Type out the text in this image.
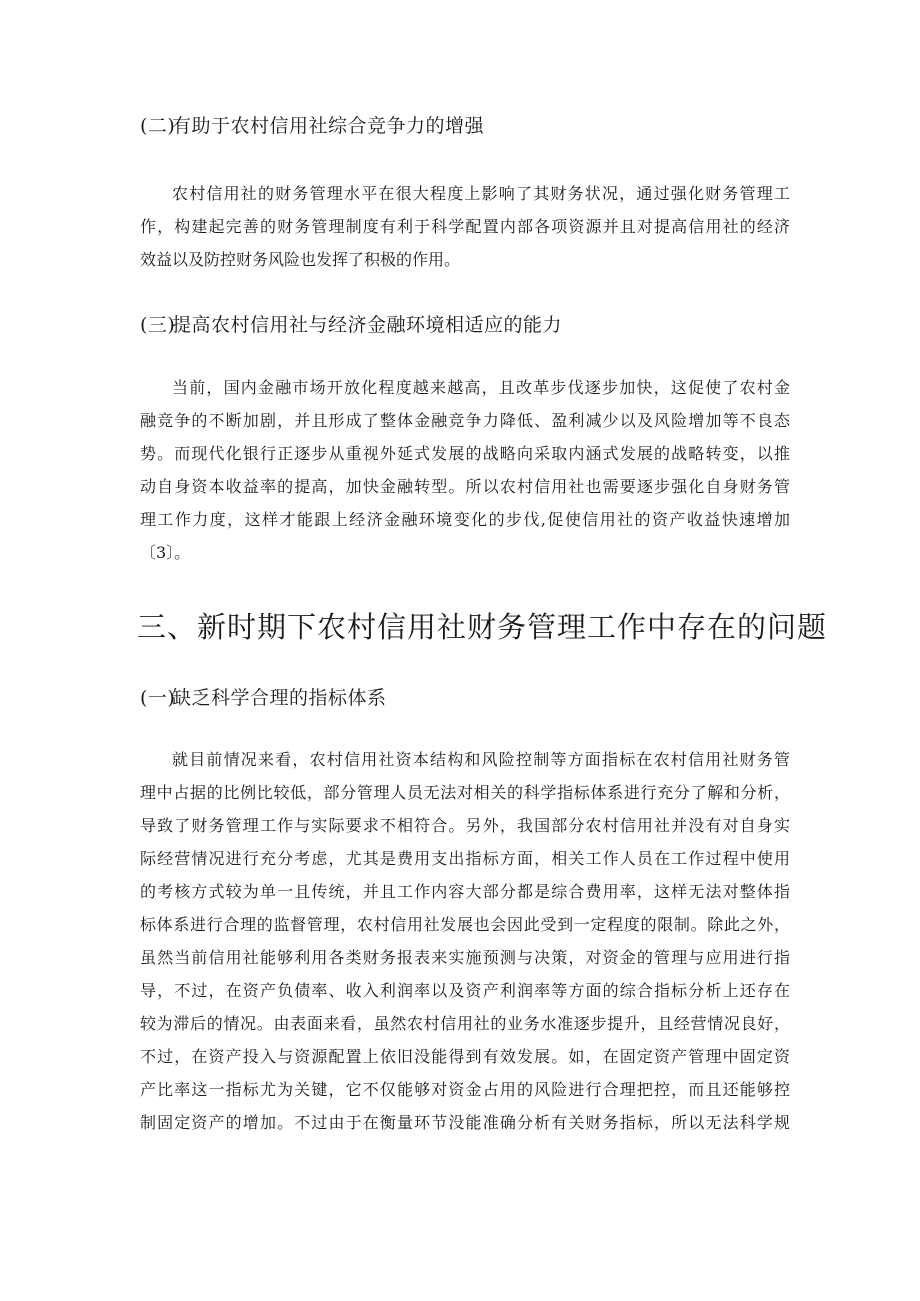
(二)有助于农村信用社综合竞争力的增强
农村信用社的财务管理水平在很大程度上影响了其财务状况，通过强化财务管理工
作，构建起完善的财务管理制度有利于科学配置内部各项资源并且对提高信用社的经济
效益以及防控财务风险也发挥了积极的作用。
(三)提高农村信用社与经济金融环境相适应的能力
当前，国内金融市场开放化程度越来越高，且改革步伐逐步加快，这促使了农村金
融竞争的不断加剧，并且形成了整体金融竞争力降低、盈利减少以及风险增加等不良态
势。而现代化银行正逐步从重视外延式发展的战略向采取内涵式发展的战略转变，以推
动自身资本收益率的提高，加快金融转型。所以农村信用社也需要逐步强化自身财务管
理工作力度，这样才能跟上经济金融环境变化的步伐,促使信用社的资产收益快速增加
〔3〕。
三、新时期下农村信用社财务管理工作中存在的问题
(一)缺乏科学合理的指标体系
就目前情况来看，农村信用社资本结构和风险控制等方面指标在农村信用社财务管
理中占据的比例比较低，部分管理人员无法对相关的科学指标体系进行充分了解和分析，
导致了财务管理工作与实际要求不相符合。另外，我国部分农村信用社并没有对自身实
际经营情况进行充分考虑，尤其是费用支出指标方面，相关工作人员在工作过程中使用
的考核方式较为单一且传统，并且工作内容大部分都是综合费用率，这样无法对整体指
标体系进行合理的监督管理，农村信用社发展也会因此受到一定程度的限制。除此之外，
虽然当前信用社能够利用各类财务报表来实施预测与决策，对资金的管理与应用进行指
导，不过，在资产负债率、收入利润率以及资产利润率等方面的综合指标分析上还存在
较为滞后的情况。由表面来看，虽然农村信用社的业务水准逐步提升，且经营情况良好，
不过，在资产投入与资源配置上依旧没能得到有效发展。如，在固定资产管理中固定资
产比率这一指标尤为关键，它不仅能够对资金占用的风险进行合理把控，而且还能够控
制固定资产的增加。不过由于在衡量环节没能准确分析有关财务指标，所以无法科学规
